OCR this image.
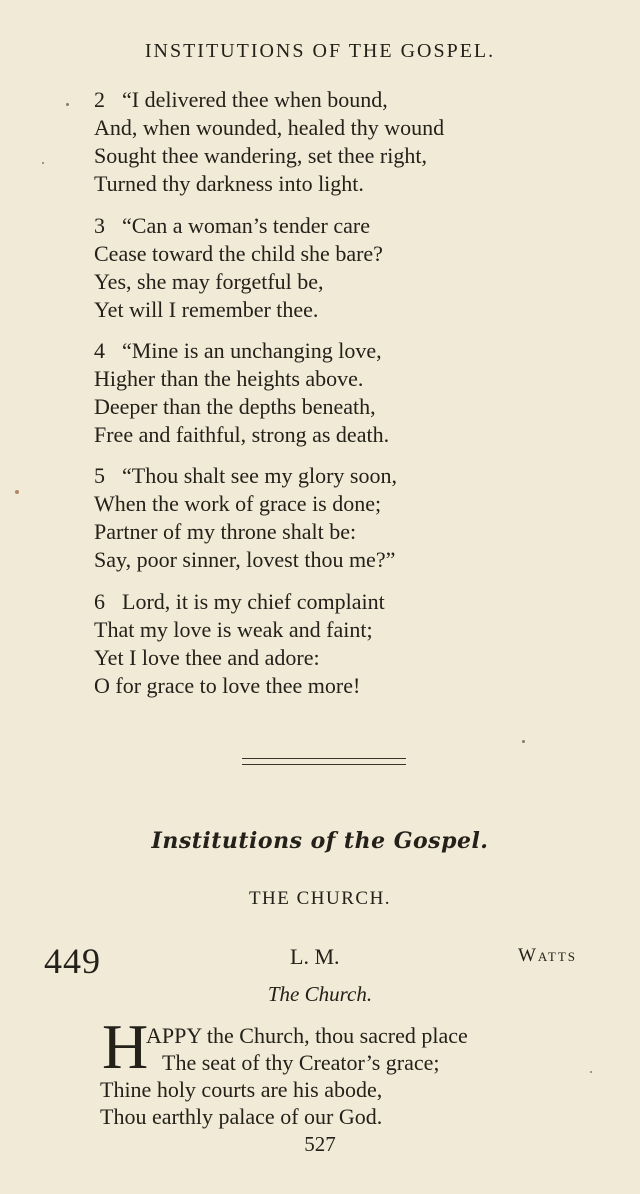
INSTITUTIONS OF THE GOSPEL.
2 “I delivered thee when bound,
And, when wounded, healed thy wound
Sought thee wandering, set thee right,
Turned thy darkness into light.
3 “Can a woman’s tender care
Cease toward the child she bare?
Yes, she may forgetful be,
Yet will I remember thee.
4 “Mine is an unchanging love,
Higher than the heights above.
Deeper than the depths beneath,
Free and faithful, strong as death.
5 “Thou shalt see my glory soon,
When the work of grace is done;
Partner of my throne shalt be:
Say, poor sinner, lovest thou me?”
6 Lord, it is my chief complaint
That my love is weak and faint;
Yet I love thee and adore:
O for grace to love thee more!
Institutions of the Gospel.
THE CHURCH.
449	L. M.	Watts
The Church.
H
APPY the Church, thou sacred place
The seat of thy Creator’s grace;
Thine holy courts are his abode,
Thou earthly palace of our God.
527
